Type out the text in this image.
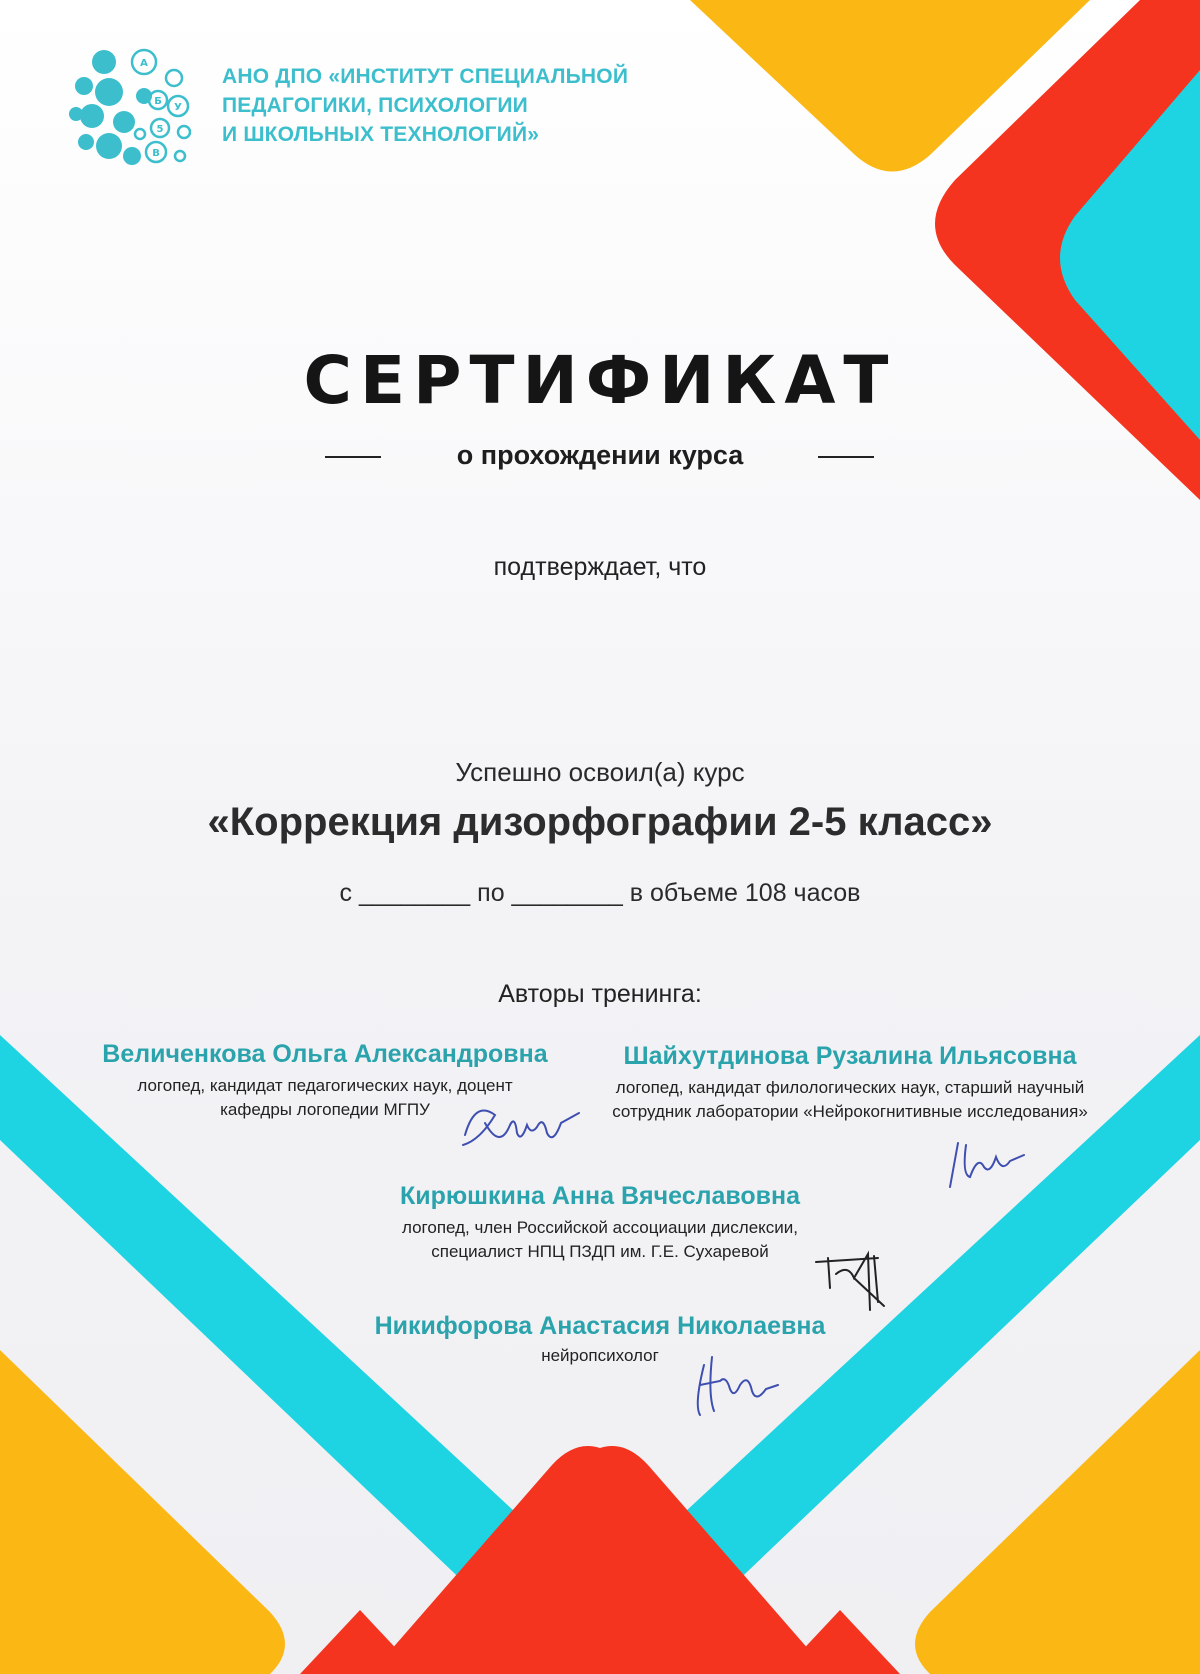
А
Б
У
5
В
АНО ДПО «ИНСТИТУТ СПЕЦИАЛЬНОЙ
ПЕДАГОГИКИ, ПСИХОЛОГИИ
И ШКОЛЬНЫХ ТЕХНОЛОГИЙ»
СЕРТИФИКАТ
о прохождении курса
подтверждает, что
Успешно освоил(а) курс
«Коррекция дизорфографии 2-5 класс»
с ________ по ________ в объеме 108 часов
Авторы тренинга:
Величенкова Ольга Александровна
логопед, кандидат педагогических наук, доцент кафедры логопедии МГПУ
Шайхутдинова Рузалина Ильясовна
логопед, кандидат филологических наук, старший научный сотрудник лаборатории «Нейрокогнитивные исследования»
Кирюшкина Анна Вячеславовна
логопед, член Российской ассоциации дислексии,
специалист НПЦ ПЗДП им. Г.Е. Сухаревой
Никифорова Анастасия Николаевна
нейропсихолог
